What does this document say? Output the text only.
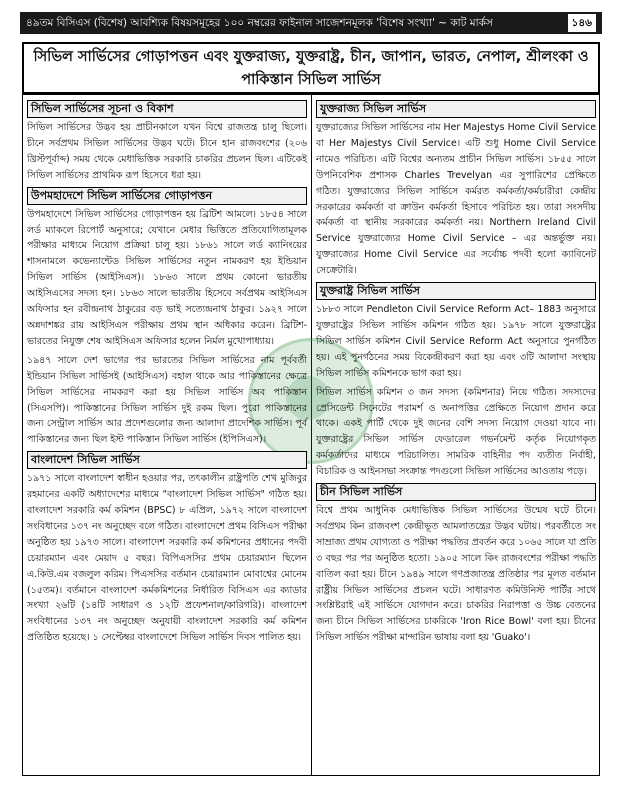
১৪৬
৪৯তম বিসিএস (বিশেষ) আবশ্যিক বিষয়সমূহের ১০০ নম্বরের ফাইনাল সাজেশনমূলক 'বিশেষ সংখ্যা' ~ কাট মার্কস
সিভিল সার্ভিসের গোড়াপত্তন এবং যুক্তরাজ্য, যুক্তরাষ্ট্র, চীন, জাপান, ভারত, নেপাল, শ্রীলংকা ও পাকিস্তান সিভিল সার্ভিস
সিভিল সার্ভিসের সূচনা ও বিকাশ

সিভিল সার্ভিসের উদ্ভব হয় প্রাচীনকালে যখন বিশ্বে রাজতন্ত্র চালু ছিলো। চীনে সর্বপ্রথম সিভিল সার্ভিসের উদ্ভব ঘটে। চীনে হান রাজবংশের (২০৬ খ্রিস্টপূর্বাব্দ) সময় থেকে মেধাভিত্তিক সরকারি চাকরির প্রচলন ছিল। এটিকেই সিভিল সার্ভিসের প্রাথমিক রূপ হিসেবে ধরা হয়।

উপমহাদেশে সিভিল সার্ভিসের গোড়াপত্তন

উপমহাদেশে সিভিল সার্ভিসের গোড়াপত্তন হয় ব্রিটিশ আমলে। ১৮৫৪ সালে লর্ড ম্যাকলে রিপোর্ট অনুসারে; যেখানে মেধার ভিত্তিতে প্রতিযোগিতামূলক পরীক্ষার মাধ্যমে নিয়োগ প্রক্রিয়া চালু হয়। ১৮৬১ সালে লর্ড ক্যানিংয়ের শাসনামলে কভেন্যান্টেড সিভিল সার্ভিসের নতুন নামকরণ হয় ইন্ডিয়ান সিভিল সার্ভিস (আইসিএস)। ১৮৬৩ সালে প্রথম কোনো ভারতীয় আইসিএসের সদস্য হন। ১৮৬৩ সালে ভারতীয় হিসেবে সর্বপ্রথম আইসিএস অফিসার হন রবীন্দ্রনাথ ঠাকুরের বড় ভাই সত্যেন্দ্রনাথ ঠাকুর। ১৯২৭ সালে অন্নদাশঙ্কর রায় আইসিএস পরীক্ষায় প্রথম স্থান অধিকার করেন। ব্রিটিশ-ভারতের নিযুক্ত শেষ আইসিএস অফিসার হলেন নির্মল মুখোপাধ্যায়।

১৯৪৭ সালে দেশ ভাগের পর ভারতের সিভিল সার্ভিসের নাম পূর্ববর্তী ইন্ডিয়ান সিভিল সার্ভিসই (আইসিএস) বহাল থাকে আর পাকিস্তানের ক্ষেত্রে সিভিল সার্ভিসের নামকরণ করা হয় সিভিল সার্ভিস অব পাকিস্তান (সিএসপি)। পাকিস্তানের সিভিল সার্ভিস দুই রকম ছিল। পুরো পাকিস্তানের জন্য সেন্ট্রাল সার্ভিস আর প্রদেশগুলোর জন্য আলাদা প্রাদেশিক সার্ভিস। পূর্ব পাকিস্তানের জন্য ছিল ইস্ট পাকিস্তান সিভিল সার্ভিস (ইপিসিএস)।

বাংলাদেশ সিভিল সার্ভিস

১৯৭১ সালে বাংলাদেশ স্বাধীন হওয়ার পর, তৎকালীন রাষ্ট্রপতি শেখ মুজিবুর রহমানের একটি অধ্যাদেশের মাধ্যমে "বাংলাদেশ সিভিল সার্ভিস" গঠিত হয়। বাংলাদেশ সরকারি কর্ম কমিশন (BPSC) ৮ এপ্রিল, ১৯৭২ সালে বাংলাদেশ সংবিধানের ১৩৭ নং অনুচ্ছেদ বলে গঠিত। বাংলাদেশে প্রথম বিসিএস পরীক্ষা অনুষ্ঠিত হয় ১৯৭৩ সালে। বাংলাদেশ সরকারি কর্ম কমিশনের প্রধানের পদবী চেয়ারম্যান এবং মেয়াদ ৫ বছর। বিপিএসসির প্রথম চেয়ারম্যান ছিলেন এ.কিউ.এম বজলুল করিম। পিএসসির বর্তমান চেয়ারম্যান মোবাশ্বের মোনেম (১৫তম)। বর্তমানে বাংলাদেশ কর্মকমিশনের নির্ধারিত বিসিএস এর ক্যাডার সংখ্যা ২৬টি (১৪টি সাধারণ ও ১২টি প্রফেশনাল/কারিগরি)। বাংলাদেশ সংবিধানের ১৩৭ নং অনুচ্ছেদ অনুযায়ী বাংলাদেশ সরকারি কর্ম কমিশন প্রতিষ্ঠিত হয়েছে। ১ সেপ্টেম্বর বাংলাদেশে সিভিল সার্ভিস দিবস পালিত হয়।

যুক্তরাজ্য সিভিল সার্ভিস

যুক্তরাজ্যের সিভিল সার্ভিসের নাম Her Majestys Home Civil Service বা Her Majestys Civil Service। এটি শুধু Home Civil Service নামেও পরিচিত। এটি বিশ্বের অন্যতম প্রাচীন সিভিল সার্ভিস। ১৮৫৫ সালে উপনিবেশিক প্রশাসক Charles Trevelyan এর সুপারিশের প্রেক্ষিতে গঠিত। যুক্তরাজ্যের সিভিল সার্ভিসে কর্মরত কর্মকর্তা/কর্মচারীরা কেন্দ্রীয় সরকারের কর্মকর্তা বা ক্রাউন কর্মকর্তা হিসাবে পরিচিত হয়। তারা সংসদীয় কর্মকর্তা বা স্থানীয় সরকারের কর্মকর্তা নয়। Northern Ireland Civil Service যুক্তরাজ্যের Home Civil Service – এর অন্তর্ভুক্ত নয়। যুক্তরাজ্যের Home Civil Service এর সর্বোচ্চ পদবী হলো ক্যাবিনেট সেক্রেটারি।

যুক্তরাষ্ট্র সিভিল সার্ভিস

১৮৮৩ সালে Pendleton Civil Service Reform Act– 1883 অনুসারে যুক্তরাষ্ট্রের সিভিল সার্ভিস কমিশন গঠিত হয়। ১৯৭৮ সালে যুক্তরাষ্ট্রের সিভিল সার্ভিস কমিশন Civil Service Reform Act অনুসারে পুনর্গঠিত হয়। এই পুনর্গঠনের সময় বিকেন্দ্রীকরণ করা হয় এবং ৩টি আলাদা সংস্থায় সিভিল সার্ভিস কমিশনকে ভাগ করা হয়।

সিভিল সার্ভিস কমিশন ৩ জন সদস্য (কমিশনার) নিয়ে গঠিত। সদস্যদের প্রেসিডেন্ট সিনেটের পরামর্শ ও অনাপত্তির প্রেক্ষিতে নিয়োগ প্রদান করে থাকে। একই পার্টি থেকে দুই জনের বেশি সদস্য নিয়োগ দেওয়া যাবে না। যুক্তরাষ্ট্রের সিভিল সার্ভিস ফেডারেল গভর্নমেন্ট কর্তৃক নিয়োগকৃত কর্মকর্তাদের মাধ্যমে পরিচালিত। সামরিক বাহিনীর পদ ব্যতীত নির্বাহী, বিচারিক ও আইনসভা সংক্রান্ত পদগুলো সিভিল সার্ভিসের আওতায় পড়ে।

চীন সিভিল সার্ভিস

বিশ্বে প্রথম আধুনিক মেধাভিত্তিক সিভিল সার্ভিসের উন্মেষ ঘটে চীনে। সর্বপ্রথম কিন রাজবংশ কেন্দ্রীভূত আমলাতন্ত্রের উদ্ভব ঘটায়। পরবর্তীতে সং সাম্রাজ্য প্রথম যোগ্যতা ও পরীক্ষা পদ্ধতির প্রবর্তন করে ১০৬৫ সালে যা প্রতি ৩ বছর পর পর অনুষ্ঠিত হতো। ১৯০৫ সালে কিং রাজবংশের পরীক্ষা পদ্ধতি বাতিল করা হয়। চীনে ১৯৪৯ সালে গণপ্রজাতন্ত্র প্রতিষ্ঠার পর মূলত বর্তমান রাষ্ট্রীয় সিভিল সার্ভিসের প্রচলন ঘটে। সাধারণত কমিউনিস্ট পার্টির সাথে সংশ্লিষ্টরাই এই সার্ভিসে যোগদান করে। চাকরির নিরাপত্তা ও উচ্চ বেতনের জন্য চীনে সিভিল সার্ভিসের চাকরিকে 'Iron Rice Bowl' বলা হয়। চীনের সিভিল সার্ভিস পরীক্ষা মান্দারিন ভাষায় বলা হয় 'Guako'।
